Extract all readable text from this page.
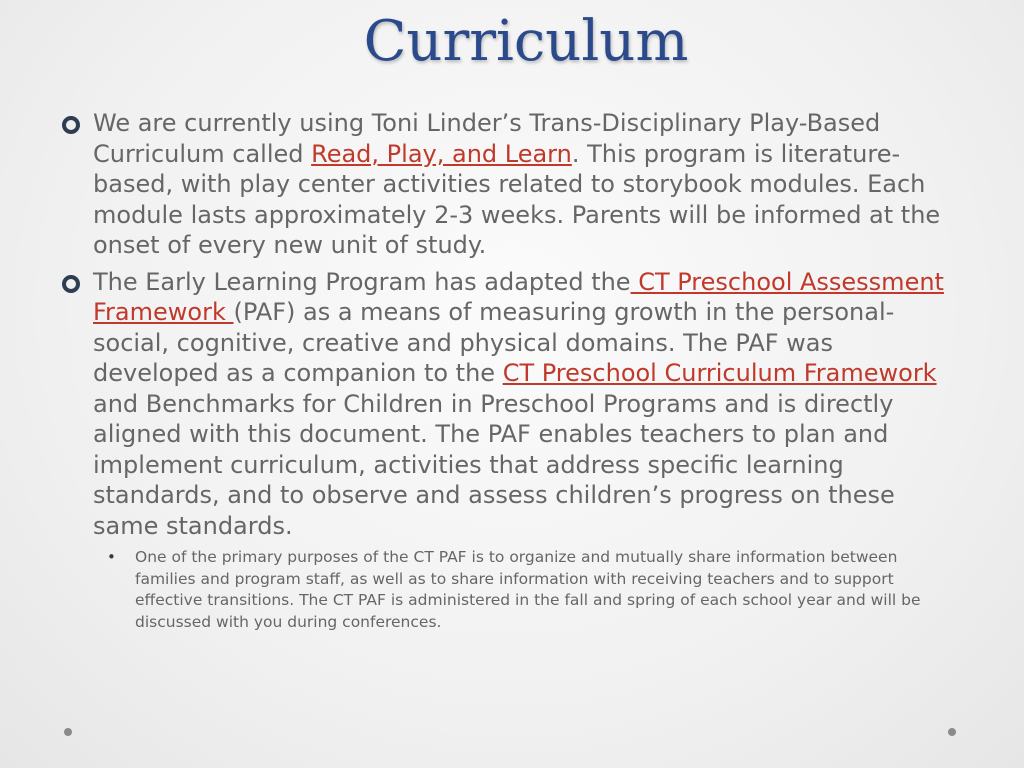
Curriculum

We are currently using Toni Linder’s Trans-Disciplinary Play-Based Curriculum called Read, Play, and Learn. This program is literature-based, with play center activities related to storybook modules. Each module lasts approximately 2-3 weeks. Parents will be informed at the onset of every new unit of study.

The Early Learning Program has adapted the CT Preschool Assessment Framework (PAF) as a means of measuring growth in the personal-social, cognitive, creative and physical domains. The PAF was developed as a companion to the CT Preschool Curriculum Framework and Benchmarks for Children in Preschool Programs and is directly aligned with this document. The PAF enables teachers to plan and implement curriculum, activities that address specific learning standards, and to observe and assess children’s progress on these same standards.

• One of the primary purposes of the CT PAF is to organize and mutually share information between families and program staff, as well as to share information with receiving teachers and to support effective transitions. The CT PAF is administered in the fall and spring of each school year and will be discussed with you during conferences.
